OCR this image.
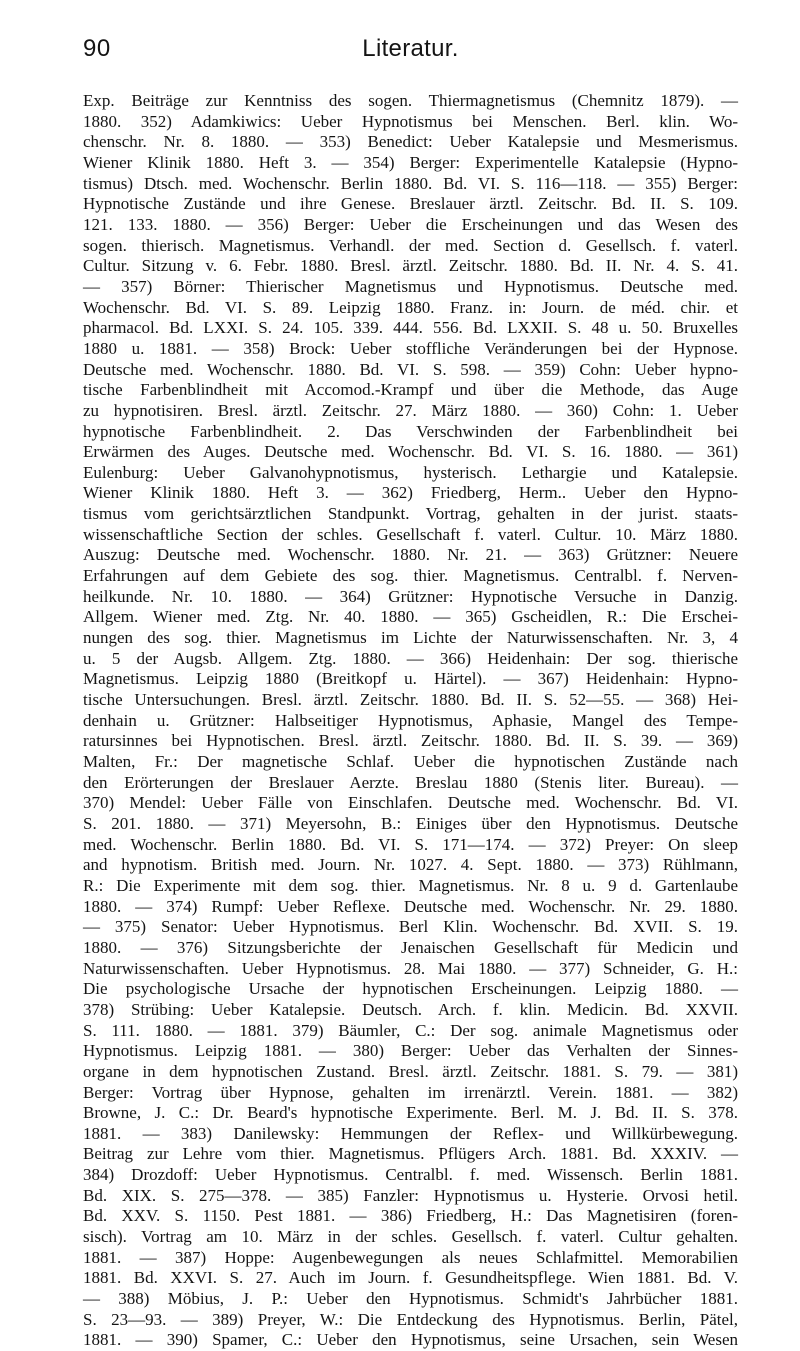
90	Literatur.
Exp. Beiträge zur Kenntniss des sogen. Thiermagnetismus (Chemnitz 1879). —
1880. 352) Adamkiwics: Ueber Hypnotismus bei Menschen. Berl. klin. Wo-
chenschr. Nr. 8. 1880. — 353) Benedict: Ueber Katalepsie und Mesmerismus.
Wiener Klinik 1880. Heft 3. — 354) Berger: Experimentelle Katalepsie (Hypno-
tismus) Dtsch. med. Wochenschr. Berlin 1880. Bd. VI. S. 116—118. — 355) Berger:
Hypnotische Zustände und ihre Genese. Breslauer ärztl. Zeitschr. Bd. II. S. 109.
121. 133. 1880. — 356) Berger: Ueber die Erscheinungen und das Wesen des
sogen. thierisch. Magnetismus. Verhandl. der med. Section d. Gesellsch. f. vaterl.
Cultur. Sitzung v. 6. Febr. 1880. Bresl. ärztl. Zeitschr. 1880. Bd. II. Nr. 4. S. 41.
— 357) Börner: Thierischer Magnetismus und Hypnotismus. Deutsche med.
Wochenschr. Bd. VI. S. 89. Leipzig 1880. Franz. in: Journ. de méd. chir. et
pharmacol. Bd. LXXI. S. 24. 105. 339. 444. 556. Bd. LXXII. S. 48 u. 50. Bruxelles
1880 u. 1881. — 358) Brock: Ueber stoffliche Veränderungen bei der Hypnose.
Deutsche med. Wochenschr. 1880. Bd. VI. S. 598. — 359) Cohn: Ueber hypno-
tische Farbenblindheit mit Accomod.-Krampf und über die Methode, das Auge
zu hypnotisiren. Bresl. ärztl. Zeitschr. 27. März 1880. — 360) Cohn: 1. Ueber
hypnotische Farbenblindheit. 2. Das Verschwinden der Farbenblindheit bei
Erwärmen des Auges. Deutsche med. Wochenschr. Bd. VI. S. 16. 1880. — 361)
Eulenburg: Ueber Galvanohypnotismus, hysterisch. Lethargie und Katalepsie.
Wiener Klinik 1880. Heft 3. — 362) Friedberg, Herm.. Ueber den Hypno-
tismus vom gerichtsärztlichen Standpunkt. Vortrag, gehalten in der jurist. staats-
wissenschaftliche Section der schles. Gesellschaft f. vaterl. Cultur. 10. März 1880.
Auszug: Deutsche med. Wochenschr. 1880. Nr. 21. — 363) Grützner: Neuere
Erfahrungen auf dem Gebiete des sog. thier. Magnetismus. Centralbl. f. Nerven-
heilkunde. Nr. 10. 1880. — 364) Grützner: Hypnotische Versuche in Danzig.
Allgem. Wiener med. Ztg. Nr. 40. 1880. — 365) Gscheidlen, R.: Die Erschei-
nungen des sog. thier. Magnetismus im Lichte der Naturwissenschaften. Nr. 3, 4
u. 5 der Augsb. Allgem. Ztg. 1880. — 366) Heidenhain: Der sog. thierische
Magnetismus. Leipzig 1880 (Breitkopf u. Härtel). — 367) Heidenhain: Hypno-
tische Untersuchungen. Bresl. ärztl. Zeitschr. 1880. Bd. II. S. 52—55. — 368) Hei-
denhain u. Grützner: Halbseitiger Hypnotismus, Aphasie, Mangel des Tempe-
ratursinnes bei Hypnotischen. Bresl. ärztl. Zeitschr. 1880. Bd. II. S. 39. — 369)
Malten, Fr.: Der magnetische Schlaf. Ueber die hypnotischen Zustände nach
den Erörterungen der Breslauer Aerzte. Breslau 1880 (Stenis liter. Bureau). —
370) Mendel: Ueber Fälle von Einschlafen. Deutsche med. Wochenschr. Bd. VI.
S. 201. 1880. — 371) Meyersohn, B.: Einiges über den Hypnotismus. Deutsche
med. Wochenschr. Berlin 1880. Bd. VI. S. 171—174. — 372) Preyer: On sleep
and hypnotism. British med. Journ. Nr. 1027. 4. Sept. 1880. — 373) Rühlmann,
R.: Die Experimente mit dem sog. thier. Magnetismus. Nr. 8 u. 9 d. Gartenlaube
1880. — 374) Rumpf: Ueber Reflexe. Deutsche med. Wochenschr. Nr. 29. 1880.
— 375) Senator: Ueber Hypnotismus. Berl Klin. Wochenschr. Bd. XVII. S. 19.
1880. — 376) Sitzungsberichte der Jenaischen Gesellschaft für Medicin und
Naturwissenschaften. Ueber Hypnotismus. 28. Mai 1880. — 377) Schneider, G. H.:
Die psychologische Ursache der hypnotischen Erscheinungen. Leipzig 1880. —
378) Strübing: Ueber Katalepsie. Deutsch. Arch. f. klin. Medicin. Bd. XXVII.
S. 111. 1880. — 1881. 379) Bäumler, C.: Der sog. animale Magnetismus oder
Hypnotismus. Leipzig 1881. — 380) Berger: Ueber das Verhalten der Sinnes-
organe in dem hypnotischen Zustand. Bresl. ärztl. Zeitschr. 1881. S. 79. — 381)
Berger: Vortrag über Hypnose, gehalten im irrenärztl. Verein. 1881. — 382)
Browne, J. C.: Dr. Beard's hypnotische Experimente. Berl. M. J. Bd. II. S. 378.
1881. — 383) Danilewsky: Hemmungen der Reflex- und Willkürbewegung.
Beitrag zur Lehre vom thier. Magnetismus. Pflügers Arch. 1881. Bd. XXXIV. —
384) Drozdoff: Ueber Hypnotismus. Centralbl. f. med. Wissensch. Berlin 1881.
Bd. XIX. S. 275—378. — 385) Fanzler: Hypnotismus u. Hysterie. Orvosi hetil.
Bd. XXV. S. 1150. Pest 1881. — 386) Friedberg, H.: Das Magnetisiren (foren-
sisch). Vortrag am 10. März in der schles. Gesellsch. f. vaterl. Cultur gehalten.
1881. — 387) Hoppe: Augenbewegungen als neues Schlafmittel. Memorabilien
1881. Bd. XXVI. S. 27. Auch im Journ. f. Gesundheitspflege. Wien 1881. Bd. V.
— 388) Möbius, J. P.: Ueber den Hypnotismus. Schmidt's Jahrbücher 1881.
S. 23—93. — 389) Preyer, W.: Die Entdeckung des Hypnotismus. Berlin, Pätel,
1881. — 390) Spamer, C.: Ueber den Hypnotismus, seine Ursachen, sein Wesen
